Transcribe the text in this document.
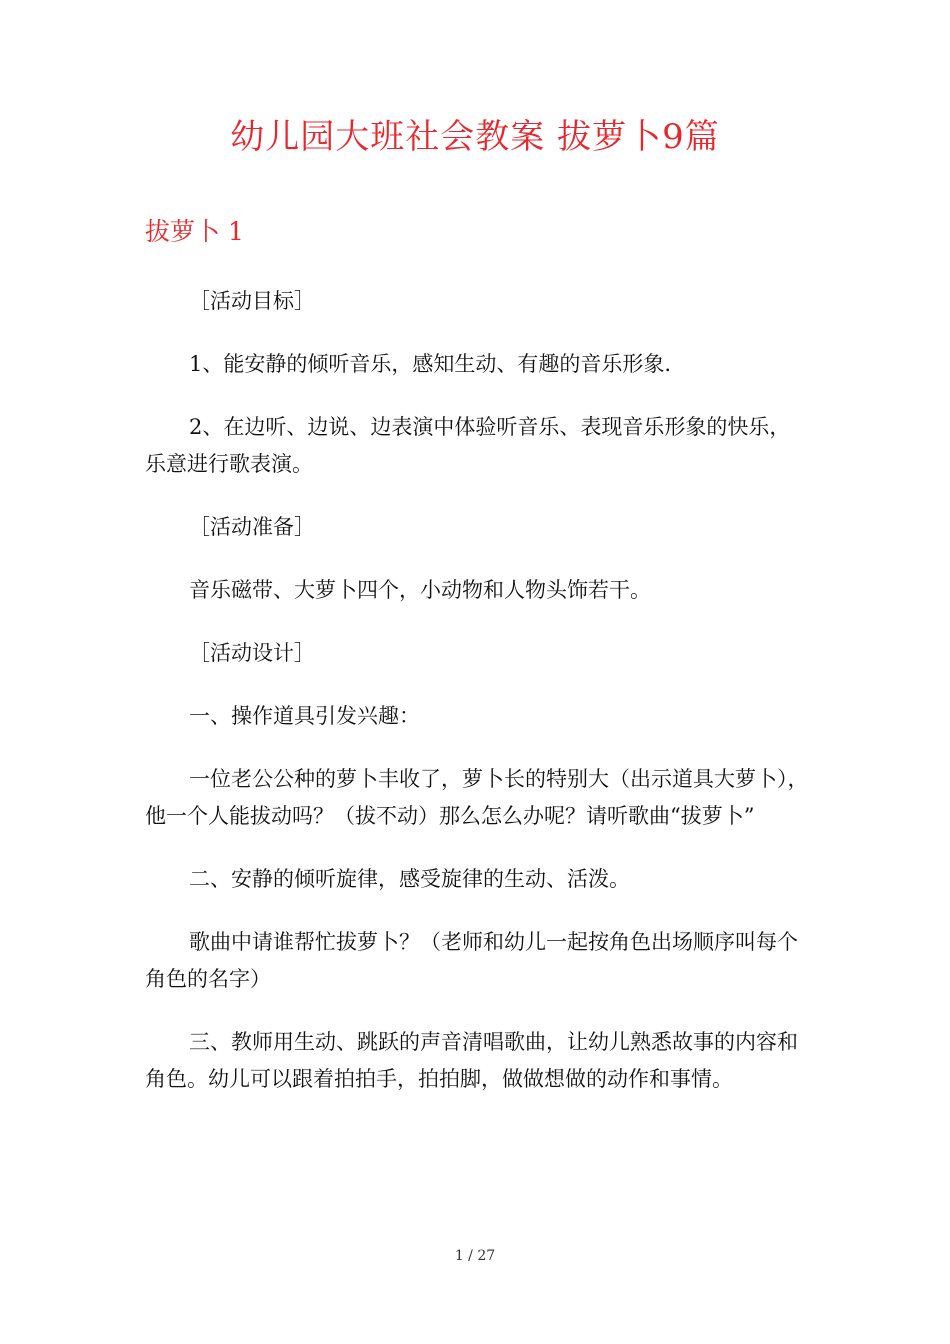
幼儿园大班社会教案 拔萝卜9篇
拔萝卜 1

［活动目标］

1、能安静的倾听音乐，感知生动、有趣的音乐形象.

2、在边听、边说、边表演中体验听音乐、表现音乐形象的快乐，乐意进行歌表演。

［活动准备］

音乐磁带、大萝卜四个，小动物和人物头饰若干。

［活动设计］

一、操作道具引发兴趣：

一位老公公种的萝卜丰收了，萝卜长的特别大（出示道具大萝卜），他一个人能拔动吗？（拔不动）那么怎么办呢？请听歌曲“拔萝卜”

二、安静的倾听旋律，感受旋律的生动、活泼。

歌曲中请谁帮忙拔萝卜？（老师和幼儿一起按角色出场顺序叫每个角色的名字）

三、教师用生动、跳跃的声音清唱歌曲，让幼儿熟悉故事的内容和角色。幼儿可以跟着拍拍手，拍拍脚，做做想做的动作和事情。

1 / 27
